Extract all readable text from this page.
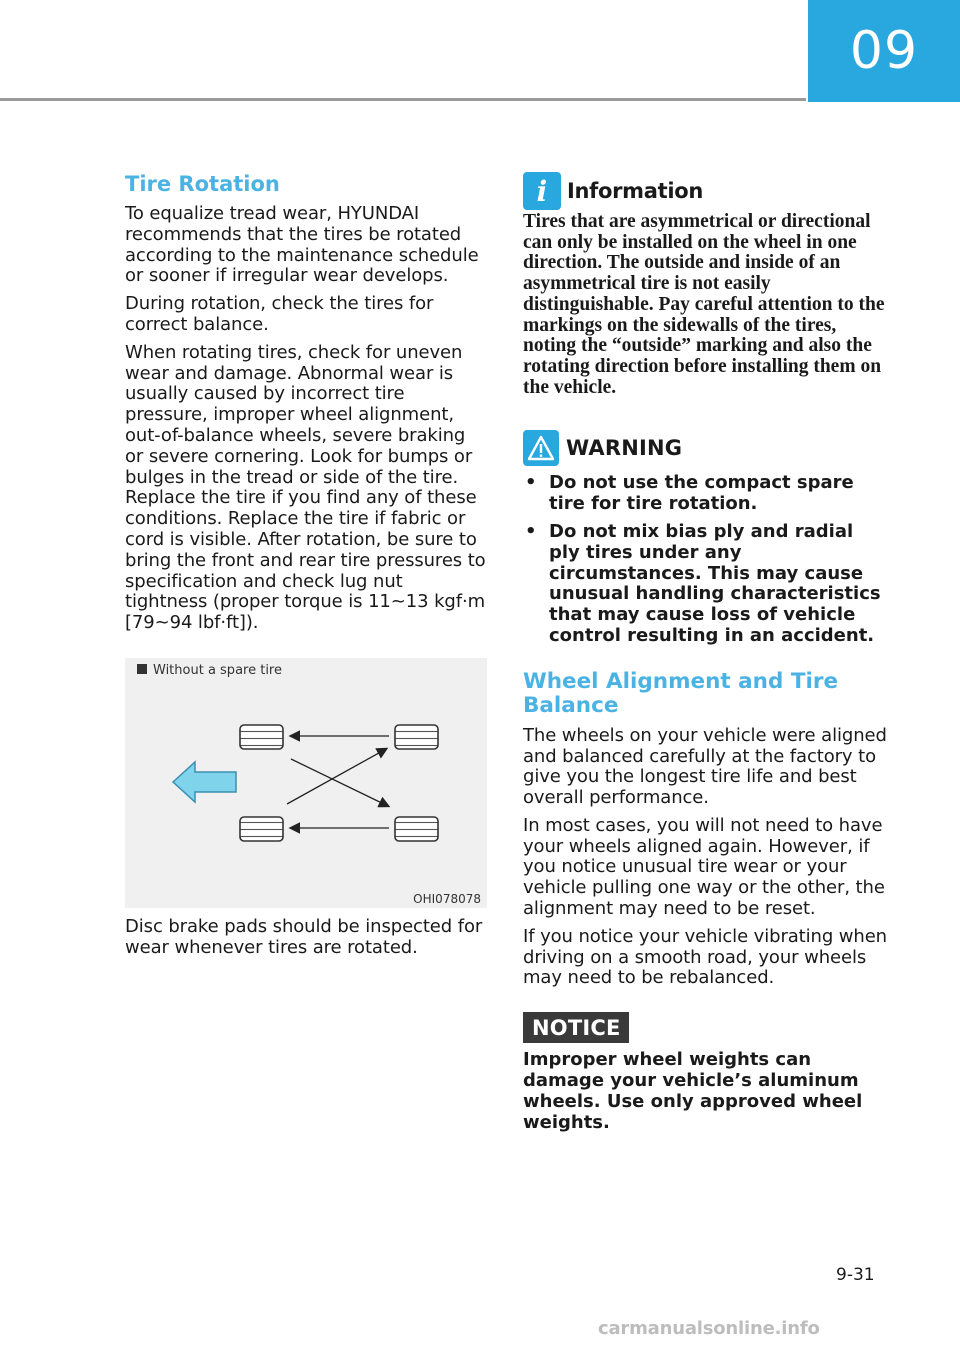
09
Tire Rotation

To equalize tread wear, HYUNDAI recommends that the tires be rotated according to the maintenance schedule or sooner if irregular wear develops.

During rotation, check the tires for correct balance.

When rotating tires, check for uneven wear and damage. Abnormal wear is usually caused by incorrect tire pressure, improper wheel alignment, out-of-balance wheels, severe braking or severe cornering. Look for bumps or bulges in the tread or side of the tire. Replace the tire if you find any of these conditions. Replace the tire if fabric or cord is visible. After rotation, be sure to bring the front and rear tire pressures to specification and check lug nut tightness (proper torque is 11~13 kgf·m [79~94 lbf·ft]).

Without a spare tire
OHI078078

Disc brake pads should be inspected for wear whenever tires are rotated.

i Information

Tires that are asymmetrical or directional can only be installed on the wheel in one direction. The outside and inside of an asymmetrical tire is not easily distinguishable. Pay careful attention to the markings on the sidewalls of the tires, noting the “outside” marking and also the rotating direction before installing them on the vehicle.

WARNING
• Do not use the compact spare tire for tire rotation.
• Do not mix bias ply and radial ply tires under any circumstances. This may cause unusual handling characteristics that may cause loss of vehicle control resulting in an accident.
Wheel Alignment and Tire Balance

The wheels on your vehicle were aligned and balanced carefully at the factory to give you the longest tire life and best overall performance.

In most cases, you will not need to have your wheels aligned again. However, if you notice unusual tire wear or your vehicle pulling one way or the other, the alignment may need to be reset.

If you notice your vehicle vibrating when driving on a smooth road, your wheels may need to be rebalanced.

NOTICE

Improper wheel weights can damage your vehicle’s aluminum wheels. Use only approved wheel weights.

9-31
carmanualsonline.info
